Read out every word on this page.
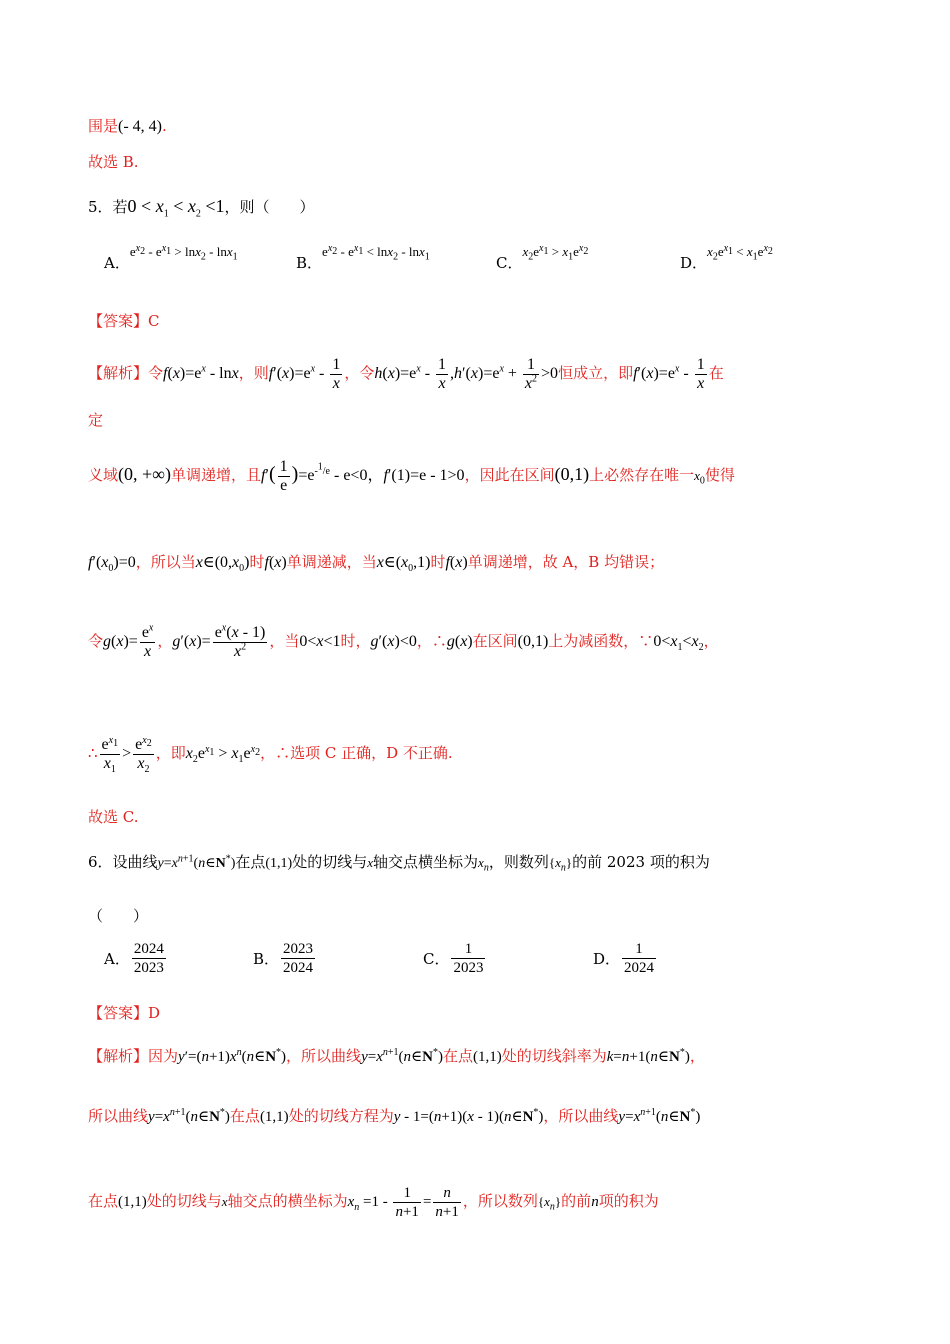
围是(- 4, 4).
故选 B.
5．若$0 < x_1 < x_2 <1$，则（　　）
A．$e^{x_2} - e^{x_1} > \ln x_2 - \ln x_1$	B．$e^{x_2} - e^{x_1} < \ln x_2 - \ln x_1$	C．$x_2e^{x_1} > x_1e^{x_2}$
D．$x_2e^{x_1} < x_1e^{x_2}$
【答案】C
【解析】令$f(x)=e^x - \ln x$，则$f'(x)=e^x - \frac{1}{x}$ ，令$h(x)=e^x - \frac{1}{x} ,h'(x)=e^x + \frac{1}{x^2} >0$恒成立，即$f'(x)=e^x - \frac{1}{x}$ 在
定
义域(0, +∞)单调递增，且$f'( \frac{1}{e} )=e^{-^1/e} - e<0$，f′(1)=e - 1>0，因此在区间(0,1)上必然存在唯一$x_0$使得
$f'(x_0)=0$，所以当$x\in(0,x_0)$时f(x)单调递减，当$x\in(x_0,1)$时f(x)单调递增，故 A，B 均错误；
令$g(x)= \frac{e^x}{x}$ ，$g'(x)= \frac{e^x(x - 1)}{x^2}$ ，当0<x<1时，g′(x)<0，∴g(x)在区间(0,1)上为减函数，$\because 0<x_1<x_2$，
∴ $\frac{e^{x_1}}{x_1} > \frac{e^{x_2}}{x_2}$ ，即$x_2e^{x_1} > x_1e^{x_2}$，∴选项 C 正确，D 不正确.
故选 C.
6．设曲线$y=x^{n+1}(n\in N^*)$在点(1,1)处的切线与x轴交点横坐标为$x_n$，则数列$\{x_n\}$的前 2023 项的积为
（　　）
A． $\frac{2024}{2023}$	B． $\frac{2023}{2024}$	C． $\frac{1}{2023}$	D． $\frac{1}{2024}$
【答案】D
【解析】因为$y'=(n+1)x^n(n\in N^*)$，所以曲线$y=x^{n+1}(n\in N^*)$在点(1,1)处的切线斜率为k=n+1(n∈N*)，
所以曲线$y=x^{n+1}(n\in N^*)$在点(1,1)处的切线方程为y - 1=(n+1)(x - 1)(n∈N*)，所以曲线$y=x^{n+1}(n\in N^*)$
在点(1,1)处的切线与x轴交点的横坐标为$x_n =1 - \frac{1}{n+1} = \frac{n}{n+1}$ ，所以数列$\{x_n\}$的前n项的积为
